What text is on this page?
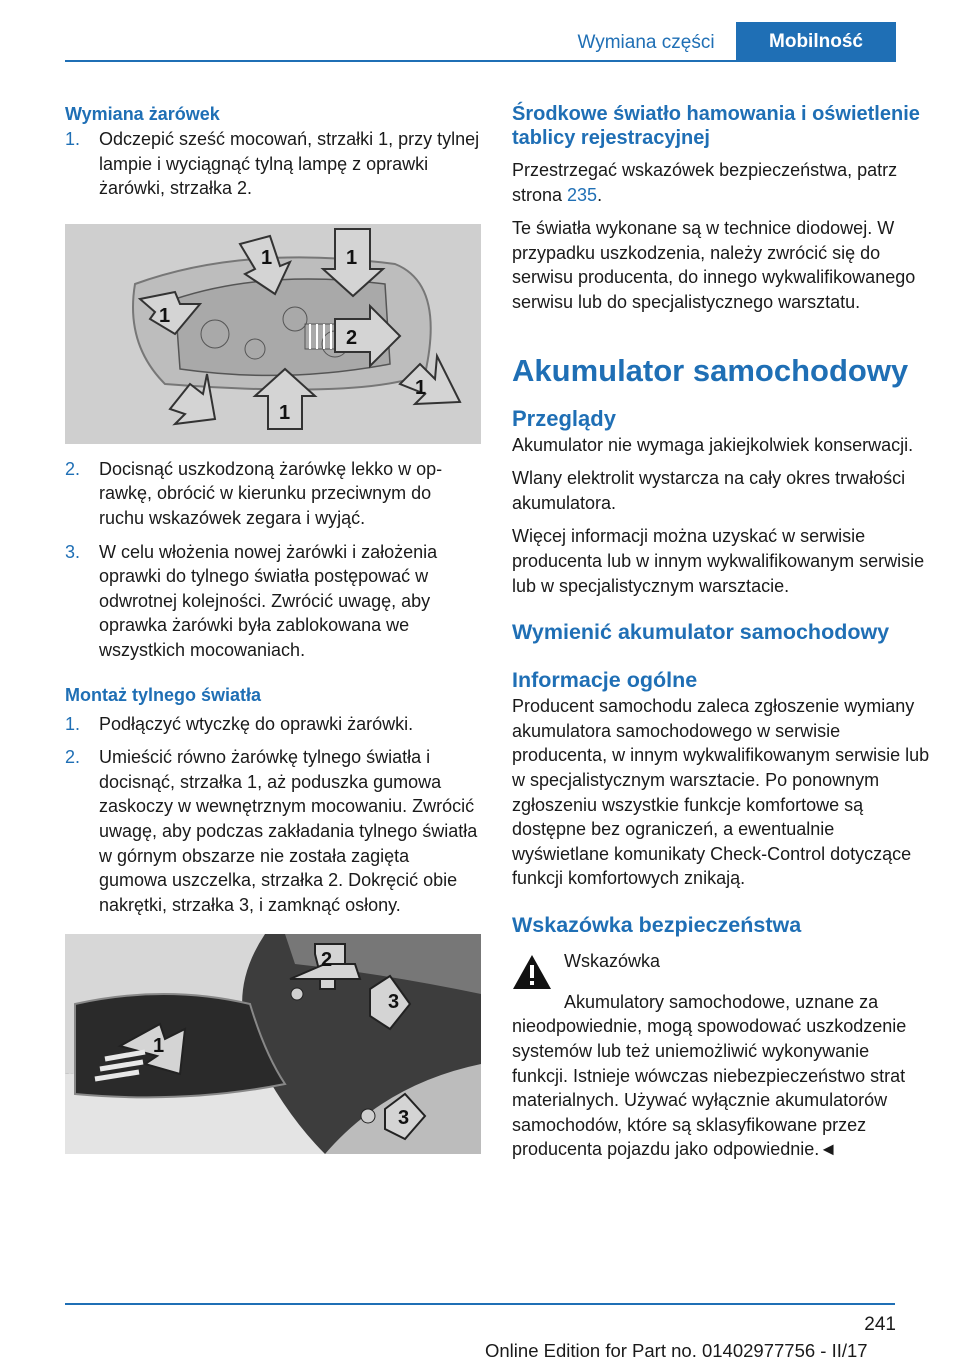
Wymiana części	Mobilność
Wymiana żarówek
1.	Odczepić sześć mocowań, strzałki 1, przy tylnej lampie i wyciągnąć tylną lampę z oprawki żarówki, strzałka 2.
1	1
1
2
1
1
2.	Docisnąć uszkodzoną żarówkę lekko w oprawkę, obrócić w kierunku przeciwnym do ruchu wskazówek zegara i wyjąć.
3.	W celu włożenia nowej żarówki i założenia oprawki do tylnego światła postępować w odwrotnej kolejności. Zwrócić uwagę, aby oprawka żarówki była zablokowana we wszystkich mocowaniach.
Montaż tylnego światła
1.	Podłączyć wtyczkę do oprawki żarówki.
2.	Umieścić równo żarówkę tylnego światła i docisnąć, strzałka 1, aż poduszka gumowa zaskoczy w wewnętrznym mocowaniu. Zwrócić uwagę, aby podczas zakładania tylnego światła w górnym obszarze nie została zagięta gumowa uszczelka, strzałka 2. Dokręcić obie nakrętki, strzałka 3, i zamknąć osłony.
2
3
1
3
Środkowe światło hamowania i oświetlenie tablicy rejestracyjnej

Przestrzegać wskazówek bezpieczeństwa, patrz strona 235.

Te światła wykonane są w technice diodowej. W przypadku uszkodzenia, należy zwrócić się do serwisu producenta, do innego wykwalifikowanego serwisu lub do specjalistycznego warsztatu.

Akumulator samochodowy
Przeglądy

Akumulator nie wymaga jakiejkolwiek konserwacji.

Wlany elektrolit wystarcza na cały okres trwałości akumulatora.

Więcej informacji można uzyskać w serwisie producenta lub w innym wykwalifikowanym serwisie lub w specjalistycznym warsztacie.

Wymienić akumulator samochodowy
Informacje ogólne

Producent samochodu zaleca zgłoszenie wymiany akumulatora samochodowego w serwisie producenta, w innym wykwalifikowanym serwisie lub w specjalistycznym warsztacie. Po ponownym zgłoszeniu wszystkie funkcje komfortowe są dostępne bez ograniczeń, a ewentualnie wyświetlane komunikaty Check-Control dotyczące funkcji komfortowych znikają.

Wskazówka bezpieczeństwa

Wskazówka

Akumulatory samochodowe, uznane za nieodpowiednie, mogą spowodować uszkodzenie systemów lub też uniemożliwić wykonywanie funkcji. Istnieje wówczas niebezpieczeństwo strat materialnych. Używać wyłącznie akumulatorów samochodów, które są sklasyfikowane przez producenta pojazdu jako odpowiednie.◄

241
Online Edition for Part no. 01402977756 - II/17
